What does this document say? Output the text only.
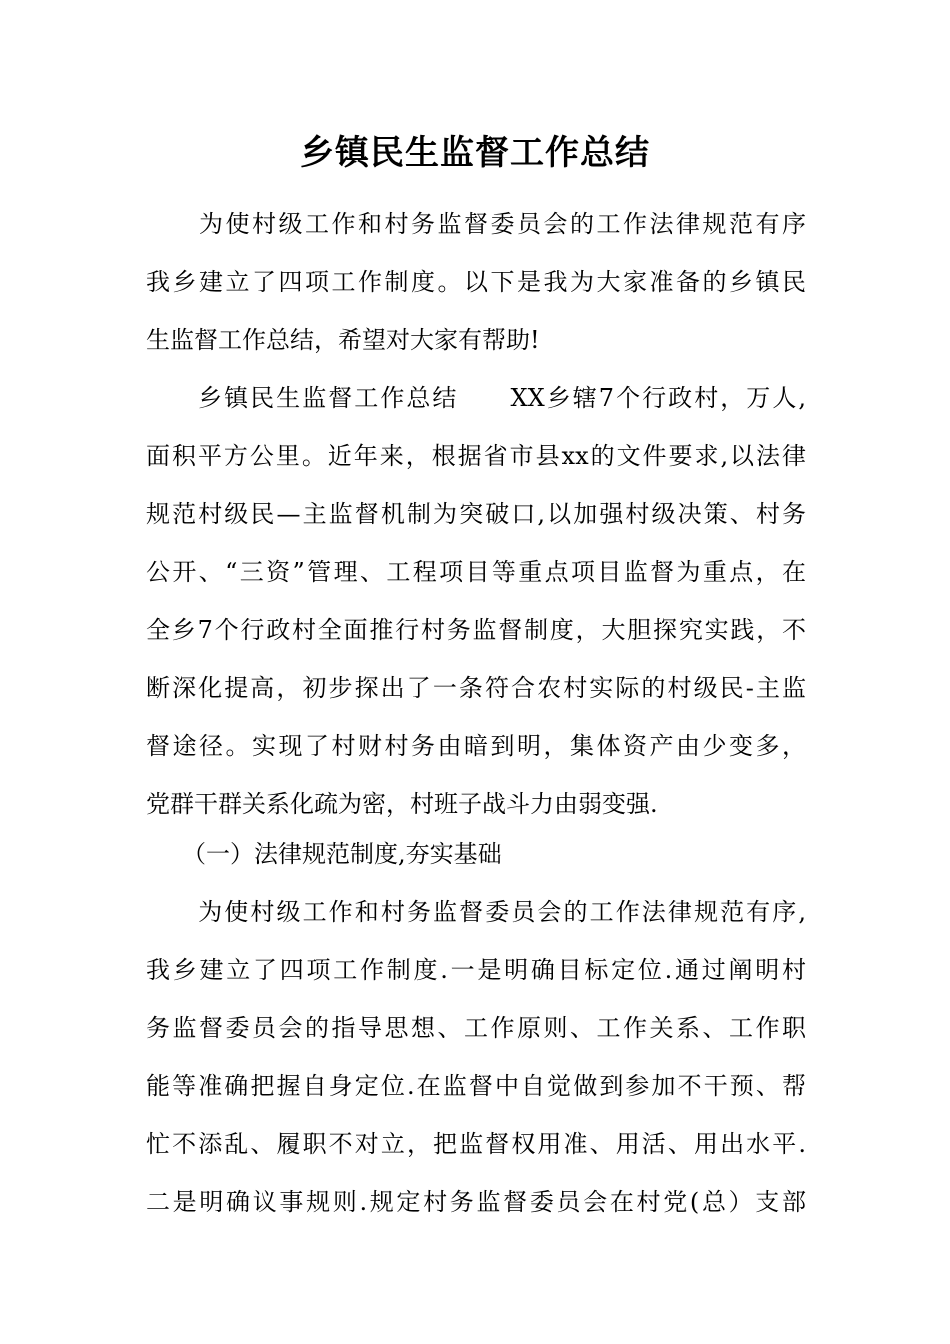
乡镇民生监督工作总结

　　为使村级工作和村务监督委员会的工作法律规范有序

我乡建立了四项工作制度。以下是我为大家准备的乡镇民

生监督工作总结，希望对大家有帮助!

　　乡镇民生监督工作总结　　XX乡辖7个行政村，万人,

面积平方公里。近年来，根据省市县xx的文件要求,以法律

规范村级民—主监督机制为突破口,以加强村级决策、村务

公开、“三资”管理、工程项目等重点项目监督为重点，在

全乡7个行政村全面推行村务监督制度，大胆探究实践，不

断深化提高，初步探出了一条符合农村实际的村级民-主监

督途径。实现了村财村务由暗到明，集体资产由少变多，

党群干群关系化疏为密，村班子战斗力由弱变强.

　　（一）法律规范制度,夯实基础

　　为使村级工作和村务监督委员会的工作法律规范有序,

我乡建立了四项工作制度.一是明确目标定位.通过阐明村

务监督委员会的指导思想、工作原则、工作关系、工作职

能等准确把握自身定位.在监督中自觉做到参加不干预、帮

忙不添乱、履职不对立，把监督权用准、用活、用出水平.

二是明确议事规则.规定村务监督委员会在村党(总）支部
